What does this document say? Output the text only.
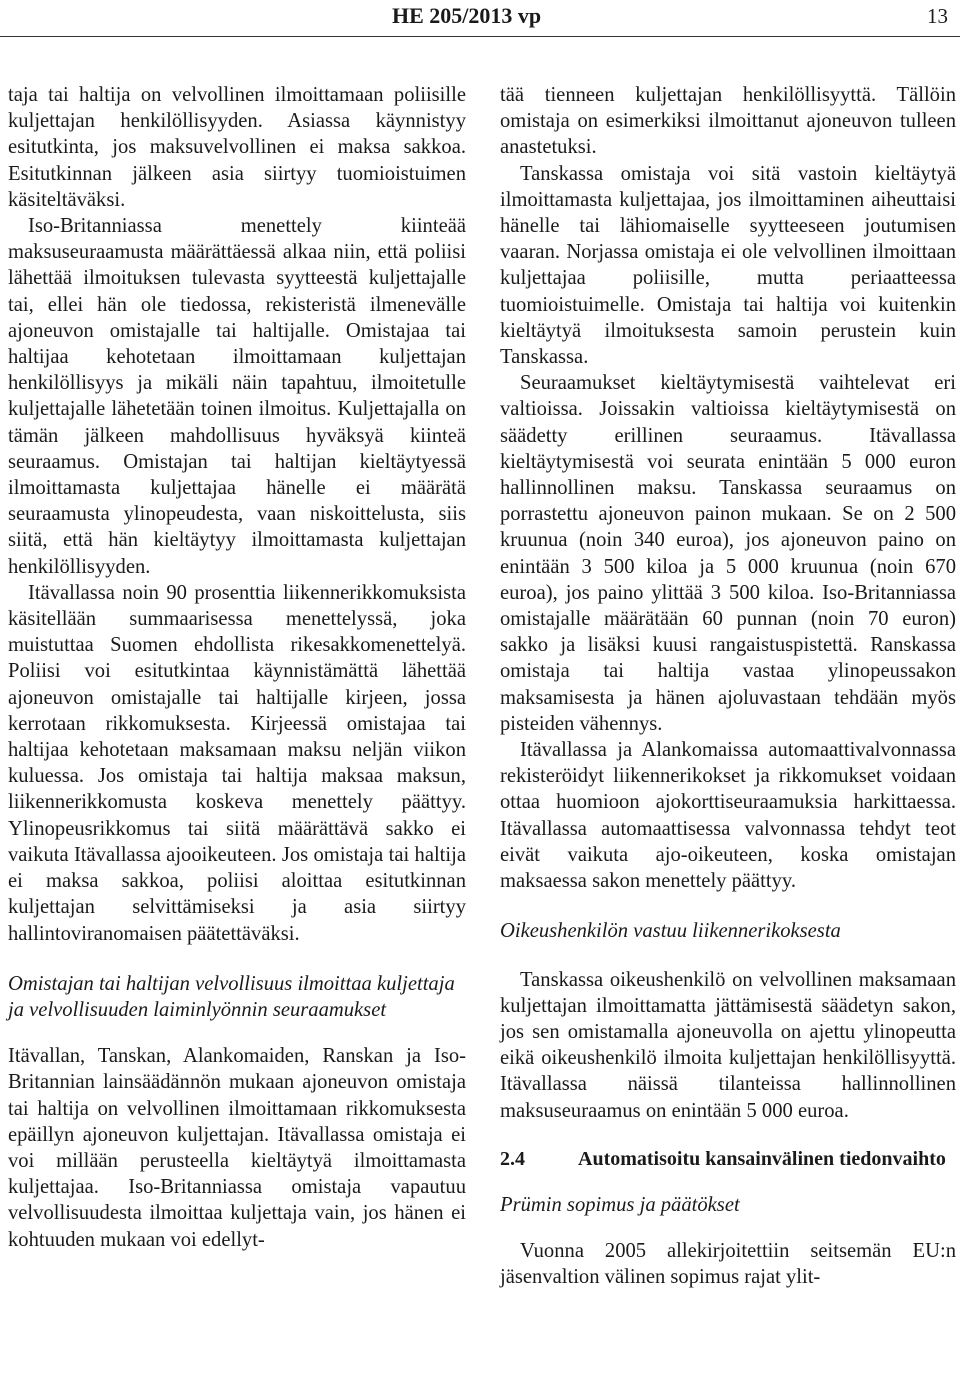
HE 205/2013 vp	13

taja tai haltija on velvollinen ilmoittamaan poliisille kuljettajan henkilöllisyyden. Asiassa käynnistyy esitutkinta, jos maksuvelvollinen ei maksa sakkoa. Esitutkinnan jälkeen asia siirtyy tuomioistuimen käsiteltäväksi.

Iso-Britanniassa menettely kiinteää maksuseuraamusta määrättäessä alkaa niin, että poliisi lähettää ilmoituksen tulevasta syytteestä kuljettajalle tai, ellei hän ole tiedossa, rekisteristä ilmenevälle ajoneuvon omistajalle tai haltijalle. Omistajaa tai haltijaa kehotetaan ilmoittamaan kuljettajan henkilöllisyys ja mikäli näin tapahtuu, ilmoitetulle kuljettajalle lähetetään toinen ilmoitus. Kuljettajalla on tämän jälkeen mahdollisuus hyväksyä kiinteä seuraamus. Omistajan tai haltijan kieltäytyessä ilmoittamasta kuljettajaa hänelle ei määrätä seuraamusta ylinopeudesta, vaan niskoittelusta, siis siitä, että hän kieltäytyy ilmoittamasta kuljettajan henkilöllisyyden.

Itävallassa noin 90 prosenttia liikennerikkomuksista käsitellään summaarisessa menettelyssä, joka muistuttaa Suomen ehdollista rikesakkomenettelyä. Poliisi voi esitutkintaa käynnistämättä lähettää ajoneuvon omistajalle tai haltijalle kirjeen, jossa kerrotaan rikkomuksesta. Kirjeessä omistajaa tai haltijaa kehotetaan maksamaan maksu neljän viikon kuluessa. Jos omistaja tai haltija maksaa maksun, liikennerikkomusta koskeva menettely päättyy. Ylinopeusrikkomus tai siitä määrättävä sakko ei vaikuta Itävallassa ajooikeuteen. Jos omistaja tai haltija ei maksa sakkoa, poliisi aloittaa esitutkinnan kuljettajan selvittämiseksi ja asia siirtyy hallintoviranomaisen päätettäväksi.

Omistajan tai haltijan velvollisuus ilmoittaa kuljettaja ja velvollisuuden laiminlyönnin seuraamukset

Itävallan, Tanskan, Alankomaiden, Ranskan ja Iso-Britannian lainsäädännön mukaan ajoneuvon omistaja tai haltija on velvollinen ilmoittamaan rikkomuksesta epäillyn ajoneuvon kuljettajan. Itävallassa omistaja ei voi millään perusteella kieltäytyä ilmoittamasta kuljettajaa. Iso-Britanniassa omistaja vapautuu velvollisuudesta ilmoittaa kuljettaja vain, jos hänen ei kohtuuden mukaan voi edellyt-

tää tienneen kuljettajan henkilöllisyyttä. Tällöin omistaja on esimerkiksi ilmoittanut ajoneuvon tulleen anastetuksi.

Tanskassa omistaja voi sitä vastoin kieltäytyä ilmoittamasta kuljettajaa, jos ilmoittaminen aiheuttaisi hänelle tai lähiomaiselle syytteeseen joutumisen vaaran. Norjassa omistaja ei ole velvollinen ilmoittaan kuljettajaa poliisille, mutta periaatteessa tuomioistuimelle. Omistaja tai haltija voi kuitenkin kieltäytyä ilmoituksesta samoin perustein kuin Tanskassa.

Seuraamukset kieltäytymisestä vaihtelevat eri valtioissa. Joissakin valtioissa kieltäytymisestä on säädetty erillinen seuraamus. Itävallassa kieltäytymisestä voi seurata enintään 5 000 euron hallinnollinen maksu. Tanskassa seuraamus on porrastettu ajoneuvon painon mukaan. Se on 2 500 kruunua (noin 340 euroa), jos ajoneuvon paino on enintään 3 500 kiloa ja 5 000 kruunua (noin 670 euroa), jos paino ylittää 3 500 kiloa. Iso-Britanniassa omistajalle määrätään 60 punnan (noin 70 euron) sakko ja lisäksi kuusi rangaistuspistettä. Ranskassa omistaja tai haltija vastaa ylinopeussakon maksamisesta ja hänen ajoluvastaan tehdään myös pisteiden vähennys.

Itävallassa ja Alankomaissa automaattivalvonnassa rekisteröidyt liikennerikokset ja rikkomukset voidaan ottaa huomioon ajokorttiseuraamuksia harkittaessa. Itävallassa automaattisessa valvonnassa tehdyt teot eivät vaikuta ajo-oikeuteen, koska omistajan maksaessa sakon menettely päättyy.

Oikeushenkilön vastuu liikennerikoksesta

Tanskassa oikeushenkilö on velvollinen maksamaan kuljettajan ilmoittamatta jättämisestä säädetyn sakon, jos sen omistamalla ajoneuvolla on ajettu ylinopeutta eikä oikeushenkilö ilmoita kuljettajan henkilöllisyyttä. Itävallassa näissä tilanteissa hallinnollinen maksuseuraamus on enintään 5 000 euroa.

2.4	Automatisoitu kansainvälinen tiedonvaihto
Prümin sopimus ja päätökset

Vuonna 2005 allekirjoitettiin seitsemän EU:n jäsenvaltion välinen sopimus rajat ylit-
